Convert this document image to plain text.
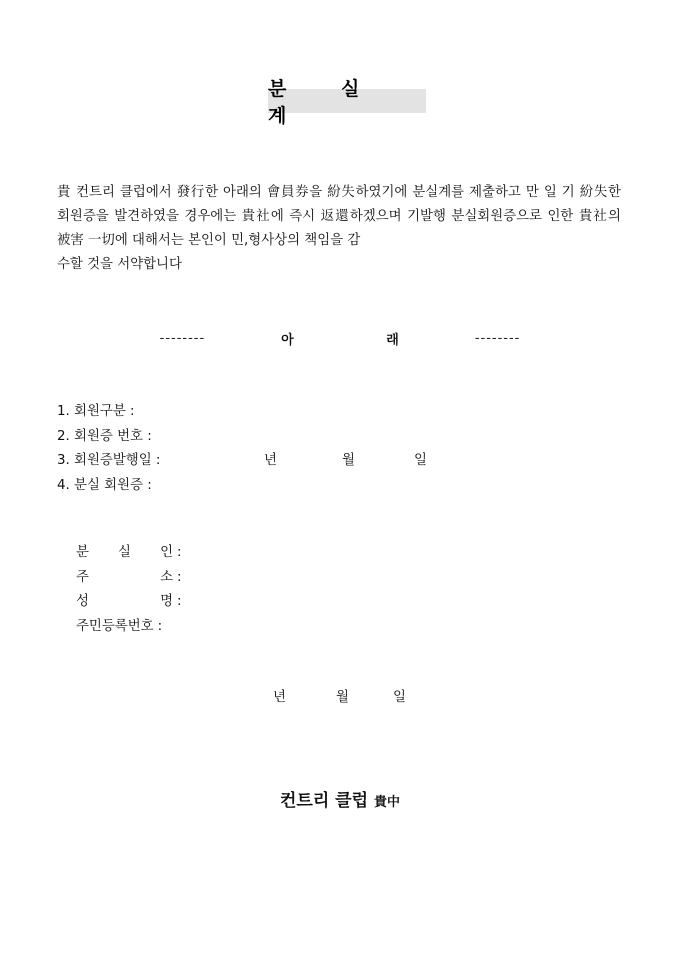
분 실 계
貴 컨트리 클럽에서 發行한 아래의 會員券을 紛失하였기에 분실계를 제출하고 만 일 기 紛失한 회원증을 발견하였을 경우에는 貴社에 즉시 返還하겠으며 기발행 분실회원증으로 인한 貴社의 被害 一切에 대해서는 본인이 민,형사상의 책임을 감
수할 것을 서약합니다
--------	아 래 --------
1. 회원구분 :
2. 회원증 번호 :
3. 회원증발행일 :	년	월	일
4. 분실 회원증 :
분 실 인 :
주	소 :
성	명 :
주민등록번호 :
년	월	일
컨트리 클럽 貴中
